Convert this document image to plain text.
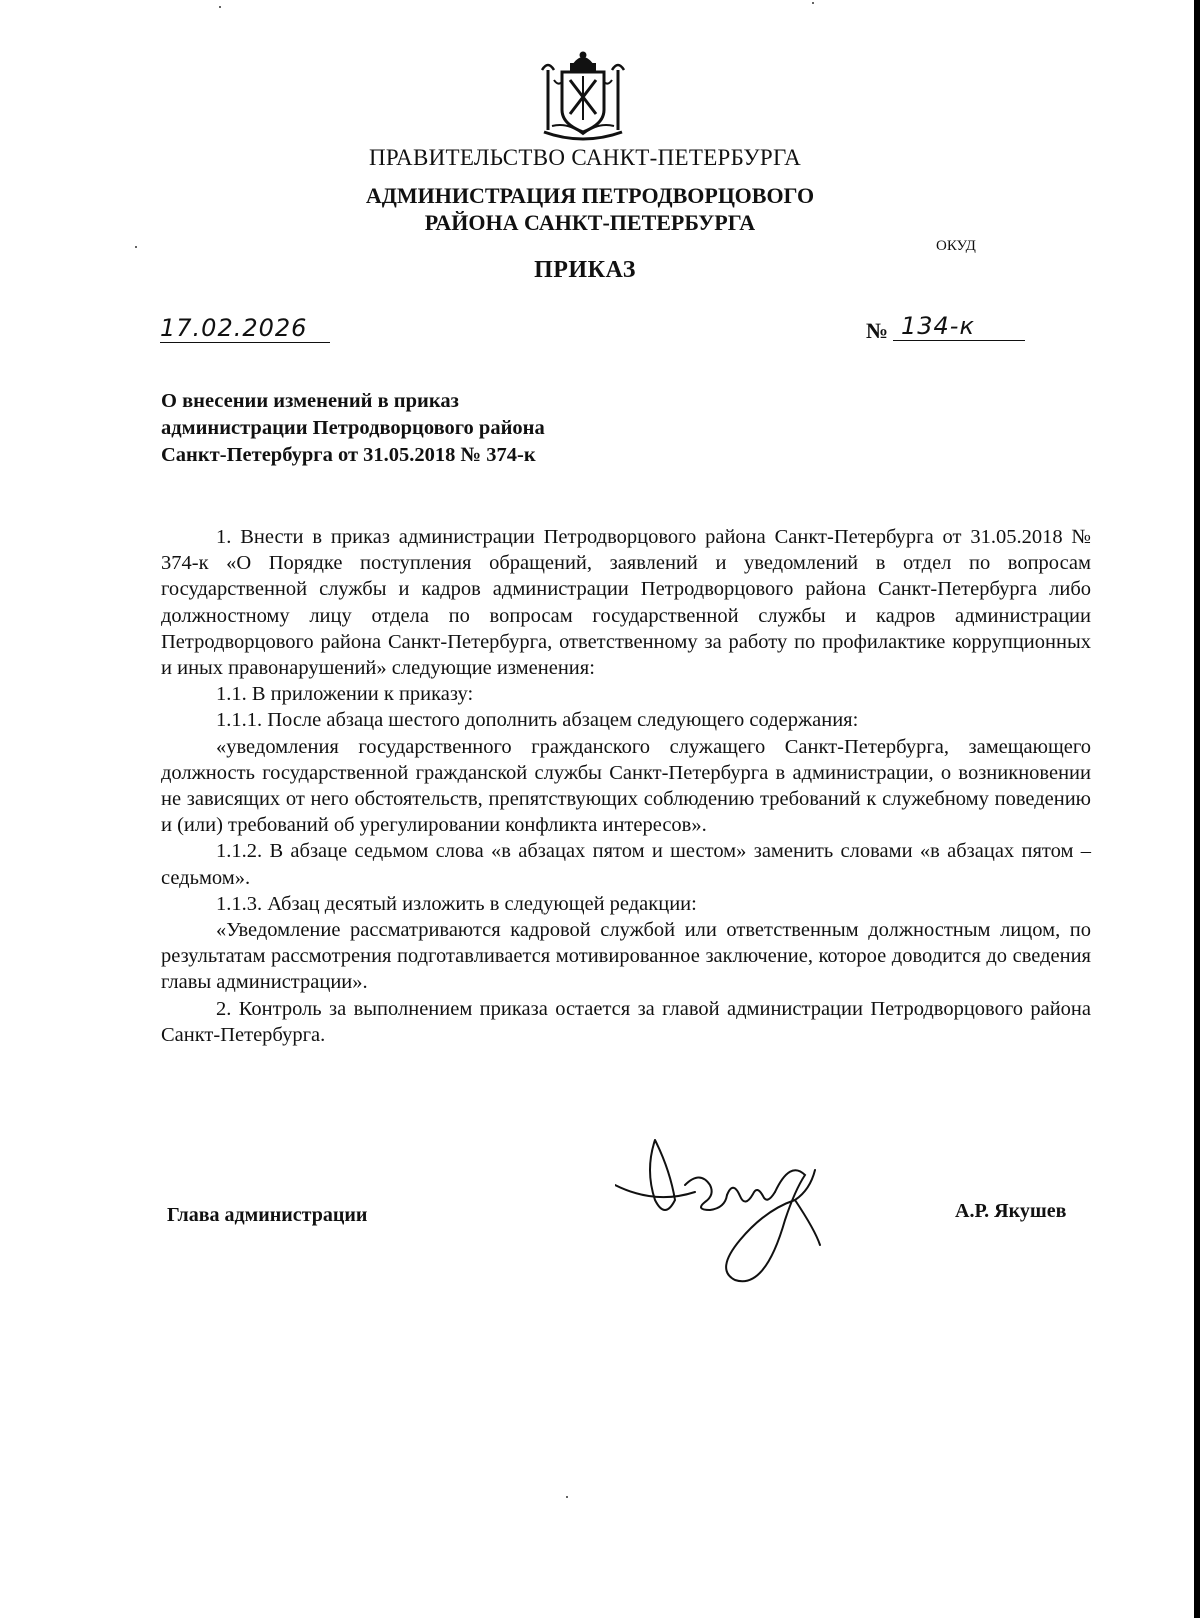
ПРАВИТЕЛЬСТВО САНКТ-ПЕТЕРБУРГА
АДМИНИСТРАЦИЯ ПЕТРОДВОРЦОВОГО
РАЙОНА САНКТ-ПЕТЕРБУРГА
ОКУД
ПРИКАЗ
17.02.2026	№ 134-к
О внесении изменений в приказ
администрации Петродворцового района
Санкт-Петербурга от 31.05.2018 № 374-к

1. Внести в приказ администрации Петродворцового района Санкт-Петербурга от 31.05.2018 № 374-к «О Порядке поступления обращений, заявлений и уведомлений в отдел по вопросам государственной службы и кадров администрации Петродворцового района Санкт-Петербурга либо должностному лицу отдела по вопросам государственной службы и кадров администрации Петродворцового района Санкт-Петербурга, ответственному за работу по профилактике коррупционных и иных правонарушений» следующие изменения:

1.1. В приложении к приказу:

1.1.1. После абзаца шестого дополнить абзацем следующего содержания:

«уведомления государственного гражданского служащего Санкт-Петербурга, замещающего должность государственной гражданской службы Санкт-Петербурга в администрации, о возникновении не зависящих от него обстоятельств, препятствующих соблюдению требований к служебному поведению и (или) требований об урегулировании конфликта интересов».

1.1.2. В абзаце седьмом слова «в абзацах пятом и шестом» заменить словами «в абзацах пятом – седьмом».

1.1.3. Абзац десятый изложить в следующей редакции:

«Уведомление рассматриваются кадровой службой или ответственным должностным лицом, по результатам рассмотрения подготавливается мотивированное заключение, которое доводится до сведения главы администрации».

2. Контроль за выполнением приказа остается за главой администрации Петродворцового района Санкт-Петербурга.

Глава администрации	А.Р. Якушев
